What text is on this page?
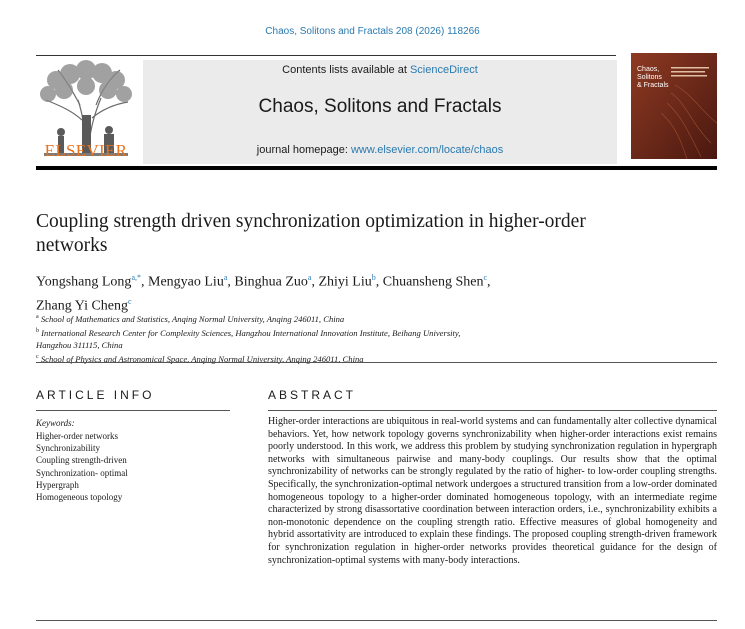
Chaos, Solitons and Fractals 208 (2026) 118266
ELSEVIER
Contents lists available at ScienceDirect
Chaos, Solitons and Fractals
journal homepage: www.elsevier.com/locate/chaos
Chaos,
Solitons
& Fractals
Coupling strength driven synchronization optimization in higher-order networks
Yongshang Long$^{a,*}$, Mengyao Liu$^a$, Binghua Zuo$^a$, Zhiyi Liu$^b$, Chuansheng Shen$^c$,
Zhang Yi Cheng$^c$
$^a$ School of Mathematics and Statistics, Anqing Normal University, Anqing 246011, China
$^b$ International Research Center for Complexity Sciences, Hangzhou International Innovation Institute, Beihang University, Hangzhou 311115, China
$^c$ School of Physics and Astronomical Space, Anqing Normal University, Anqing 246011, China
ARTICLE INFO
Keywords:
Higher-order networks
Synchronizability
Coupling strength-driven
Synchronization- optimal
Hypergraph
Homogeneous topology
ABSTRACT
Higher-order interactions are ubiquitous in real-world systems and can fundamentally alter collective dynamical behaviors. Yet, how network topology governs synchronizability when higher-order interactions exist remains poorly understood. In this work, we address this problem by studying synchronization regulation in hypergraph networks with simultaneous pairwise and many-body couplings. Our results show that the optimal synchronizability of networks can be strongly regulated by the ratio of higher- to low-order coupling strengths. Specifically, the synchronization-optimal network undergoes a structured transition from a low-order dominated homogeneous topology to a higher-order dominated homogeneous topology, with an intermediate regime characterized by strong disassortative coordination between interaction orders, i.e., synchronizability exhibits a non-monotonic dependence on the coupling strength ratio. Effective measures of global homogeneity and hybrid assortativity are introduced to explain these findings. The proposed coupling strength-driven framework for synchronization regulation in higher-order networks provides theoretical guidance for the design of synchronization-optimal systems with many-body interactions.
